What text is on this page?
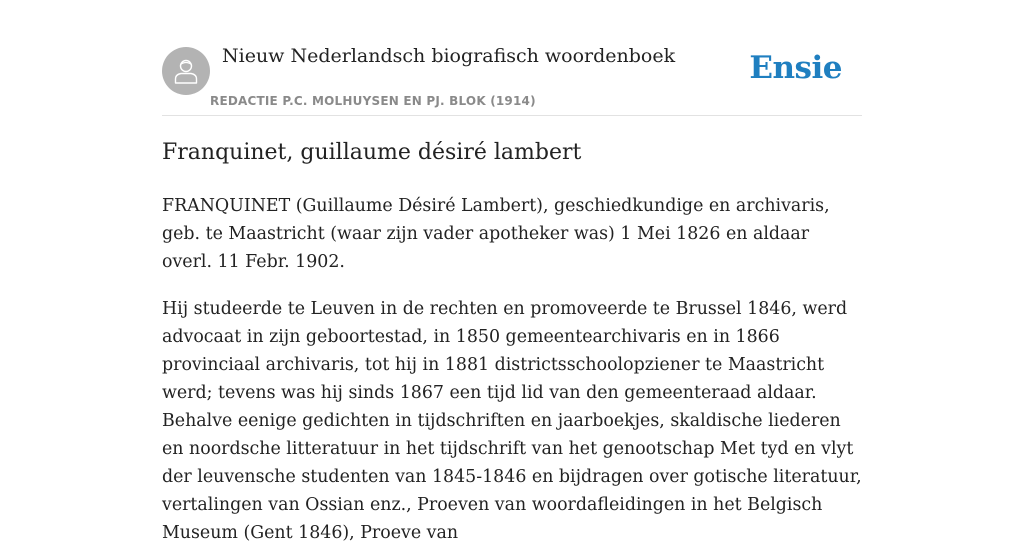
Nieuw Nederlandsch biografisch woordenboek
REDACTIE P.C. MOLHUYSEN EN PJ. BLOK (1914)
Ensie
Franquinet, guillaume désiré lambert

FRANQUINET (Guillaume Désiré Lambert), geschiedkundige en archivaris, geb. te Maastricht (waar zijn vader apotheker was) 1 Mei 1826 en aldaar overl. 11 Febr. 1902.

Hij studeerde te Leuven in de rechten en promoveerde te Brussel 1846, werd advocaat in zijn geboortestad, in 1850 gemeentearchivaris en in 1866 provinciaal archivaris, tot hij in 1881 districtsschoolopziener te Maastricht werd; tevens was hij sinds 1867 een tijd lid van den gemeenteraad aldaar. Behalve eenige gedichten in tijdschriften en jaarboekjes, skaldische liederen en noordsche litteratuur in het tijdschrift van het genootschap Met tyd en vlyt der leuvensche studenten van 1845-1846 en bijdragen over gotische literatuur, vertalingen van Ossian enz., Proeven van woordafleidingen in het Belgisch Museum (Gent 1846), Proeve van
